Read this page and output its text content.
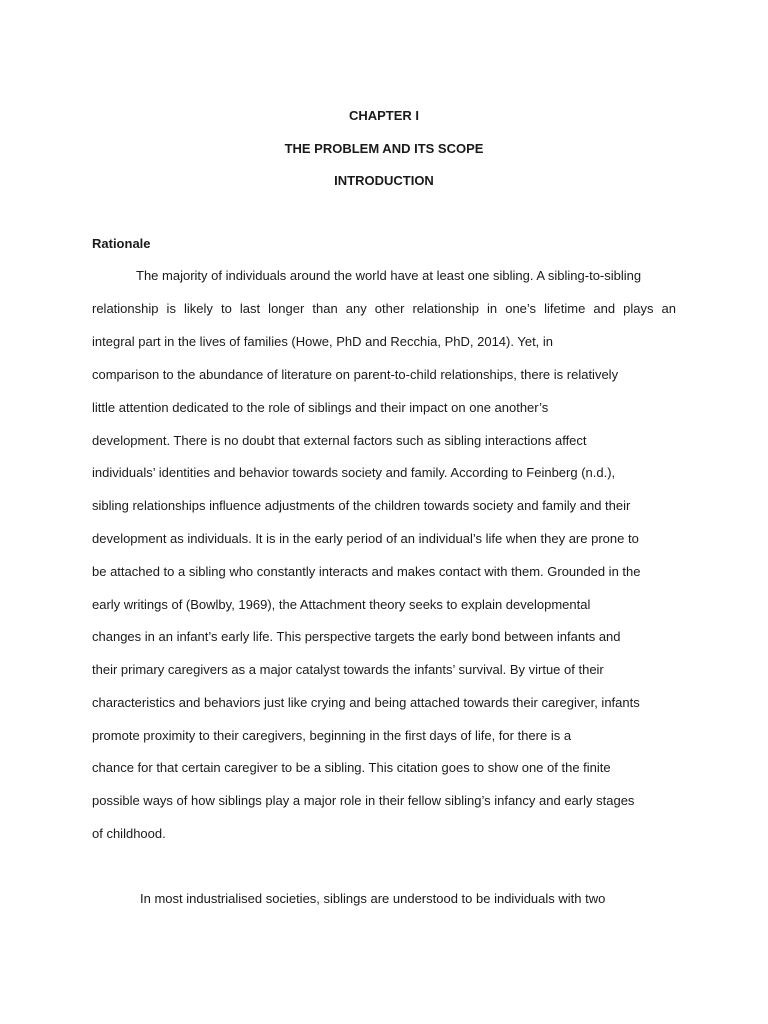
CHAPTER I
THE PROBLEM AND ITS SCOPE
INTRODUCTION
Rationale
The majority of individuals around the world have at least one sibling. A sibling-to-sibling
relationship is likely to last longer than any other relationship in one’s lifetime and plays an
integral part in the lives of families (Howe, PhD and Recchia, PhD, 2014). Yet, in
comparison to the abundance of literature on parent-to-child relationships, there is relatively
little attention dedicated to the role of siblings and their impact on one another’s
development. There is no doubt that external factors such as sibling interactions affect
individuals’ identities and behavior towards society and family. According to Feinberg (n.d.),
sibling relationships influence adjustments of the children towards society and family and their
development as individuals. It is in the early period of an individual’s life when they are prone to
be attached to a sibling who constantly interacts and makes contact with them. Grounded in the
early writings of (Bowlby, 1969), the Attachment theory seeks to explain developmental
changes in an infant’s early life. This perspective targets the early bond between infants and
their primary caregivers as a major catalyst towards the infants’ survival. By virtue of their
characteristics and behaviors just like crying and being attached towards their caregiver, infants
promote proximity to their caregivers, beginning in the first days of life, for there is a
chance for that certain caregiver to be a sibling. This citation goes to show one of the finite
possible ways of how siblings play a major role in their fellow sibling’s infancy and early stages
of childhood.
In most industrialised societies, siblings are understood to be individuals with two
